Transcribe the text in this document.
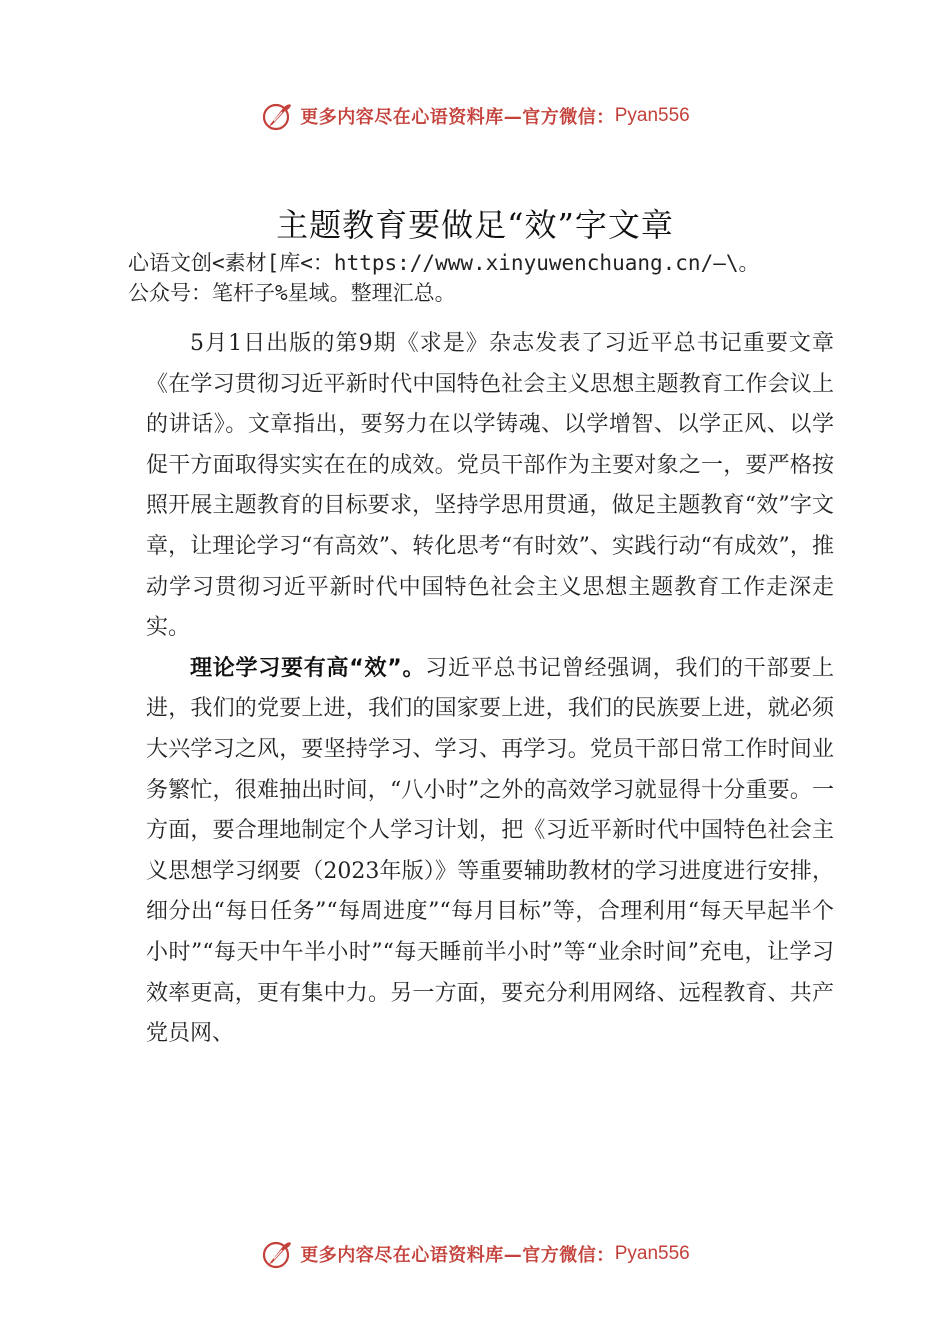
更多内容尽在心语资料库—官方微信： Pyan556
主题教育要做足“效”字文章
心语文创<素材[库<：https://www.xinyuwenchuang.cn/—\。
公众号：笔杆子%星域。整理汇总。

5月1日出版的第9期《求是》杂志发表了习近平总书记重要文章《在学习贯彻习近平新时代中国特色社会主义思想主题教育工作会议上的讲话》。文章指出，要努力在以学铸魂、以学增智、以学正风、以学促干方面取得实实在在的成效。党员干部作为主要对象之一，要严格按照开展主题教育的目标要求，坚持学思用贯通，做足主题教育“效”字文章，让理论学习“有高效”、转化思考“有时效”、实践行动“有成效”，推动学习贯彻习近平新时代中国特色社会主义思想主题教育工作走深走实。

理论学习要有高“效”。习近平总书记曾经强调，我们的干部要上进，我们的党要上进，我们的国家要上进，我们的民族要上进，就必须大兴学习之风，要坚持学习、学习、再学习。党员干部日常工作时间业务繁忙，很难抽出时间，“八小时”之外的高效学习就显得十分重要。一方面，要合理地制定个人学习计划，把《习近平新时代中国特色社会主义思想学习纲要（2023年版）》等重要辅助教材的学习进度进行安排，细分出“每日任务”“每周进度”“每月目标”等，合理利用“每天早起半个小时”“每天中午半小时”“每天睡前半小时”等“业余时间”充电，让学习效率更高，更有集中力。另一方面，要充分利用网络、远程教育、共产党员网、

更多内容尽在心语资料库—官方微信： Pyan556
